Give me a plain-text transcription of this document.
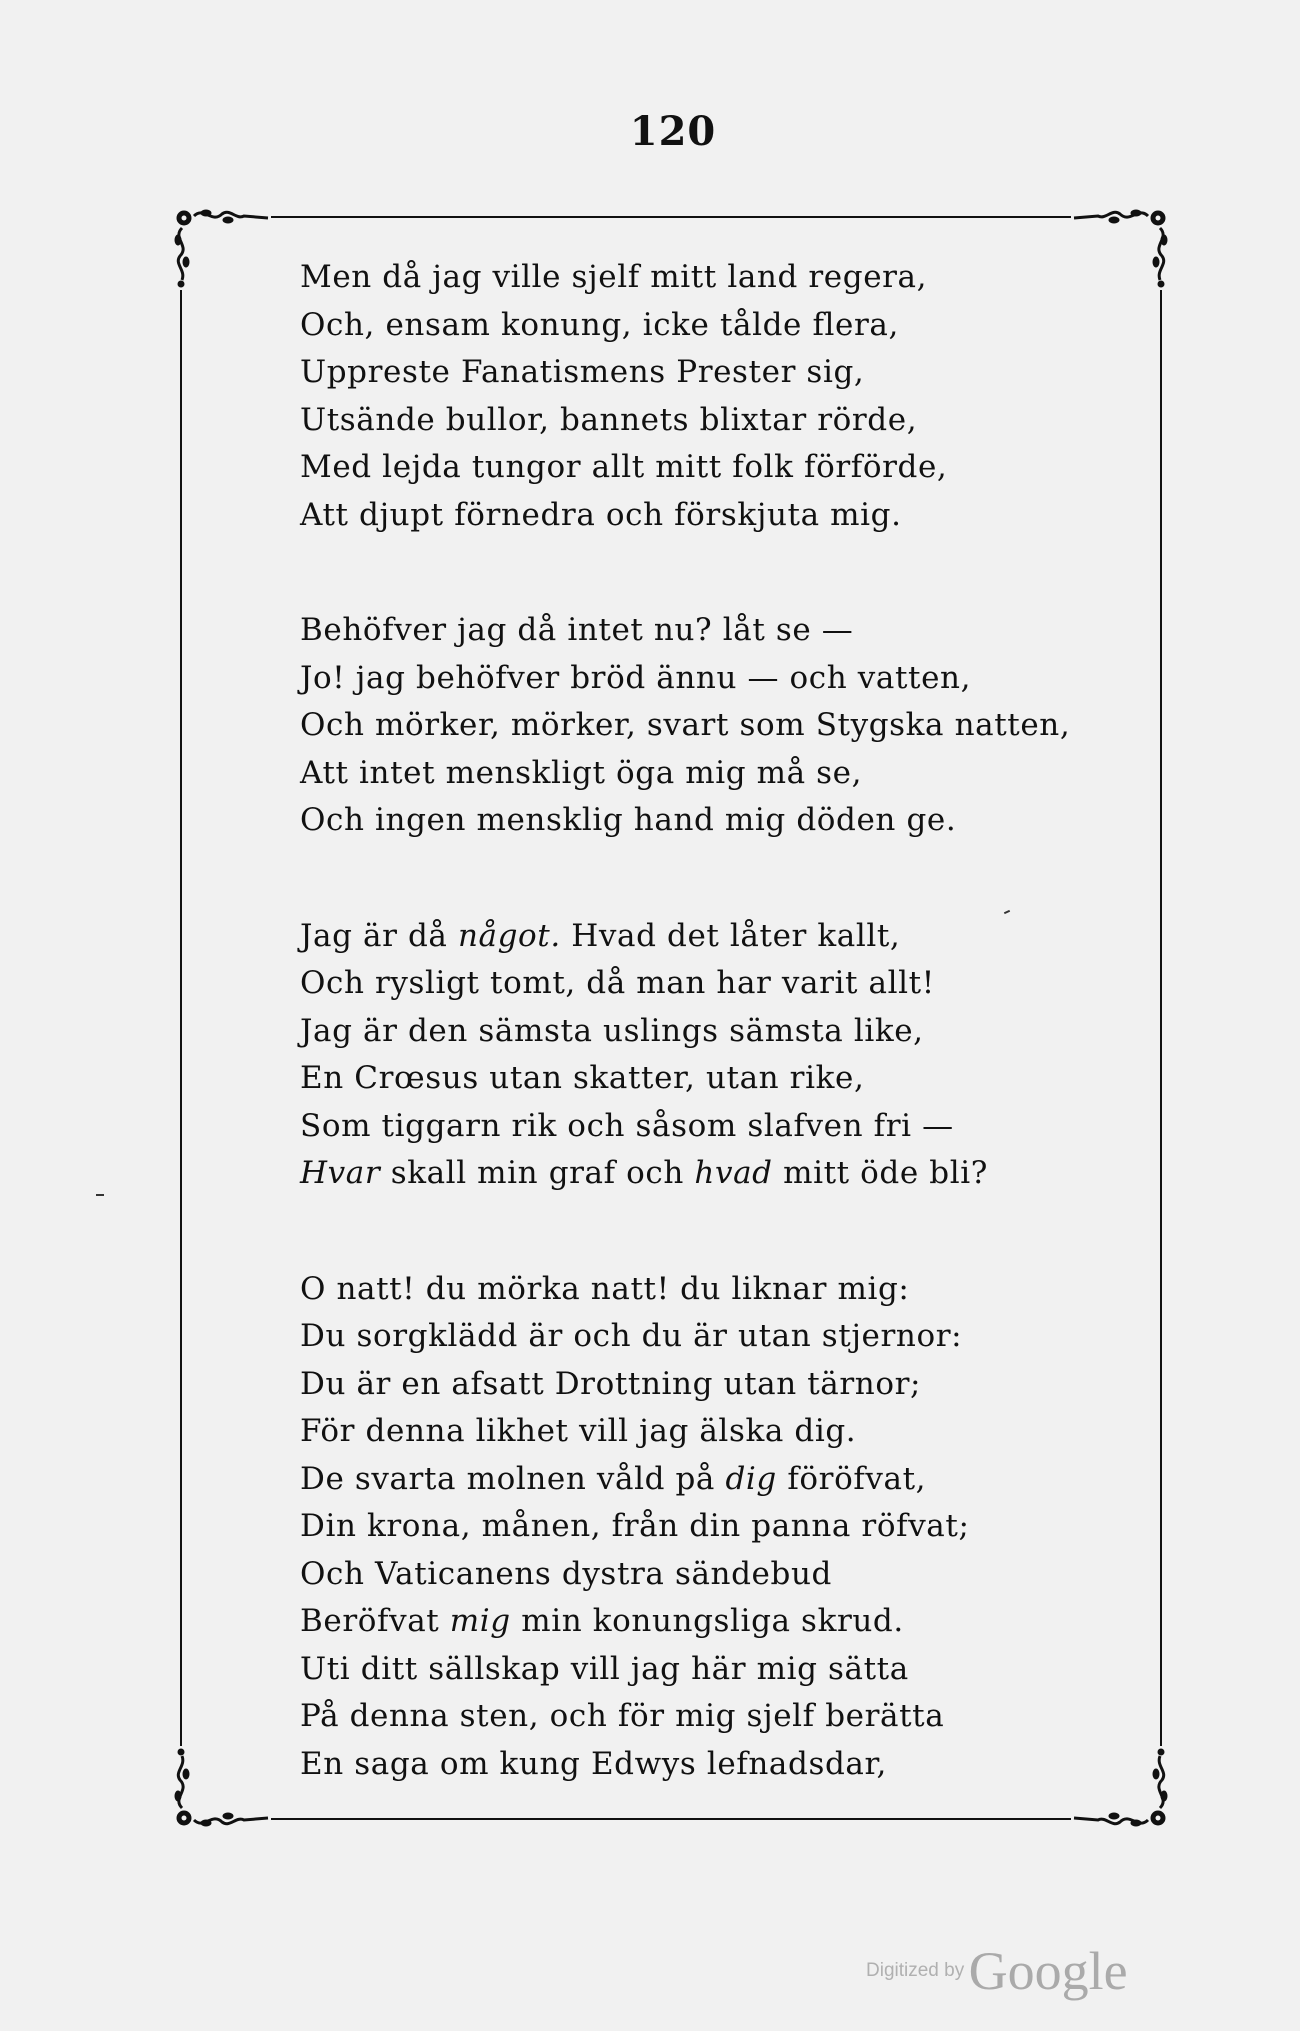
120
Men då jag ville sjelf mitt land regera,
Och, ensam konung, icke tålde flera,
Uppreste Fanatismens Prester sig,
Utsände bullor, bannets blixtar rörde,
Med lejda tungor allt mitt folk förförde,
Att djupt förnedra och förskjuta mig.
Behöfver jag då intet nu? låt se —
Jo! jag behöfver bröd ännu — och vatten,
Och mörker, mörker, svart som Stygska natten,
Att intet menskligt öga mig må se,
Och ingen mensklig hand mig döden ge.
Jag är då något. Hvad det låter kallt,
Och rysligt tomt, då man har varit allt!
Jag är den sämsta uslings sämsta like,
En Crœsus utan skatter, utan rike,
Som tiggarn rik och såsom slafven fri —
Hvar skall min graf och hvad mitt öde bli?
O natt! du mörka natt! du liknar mig:
Du sorgklädd är och du är utan stjernor:
Du är en afsatt Drottning utan tärnor;
För denna likhet vill jag älska dig.
De svarta molnen våld på dig föröfvat,
Din krona, månen, från din panna röfvat;
Och Vaticanens dystra sändebud
Beröfvat mig min konungsliga skrud.
Uti ditt sällskap vill jag här mig sätta
På denna sten, och för mig sjelf berätta
En saga om kung Edwys lefnadsdar,
Digitized by Google
